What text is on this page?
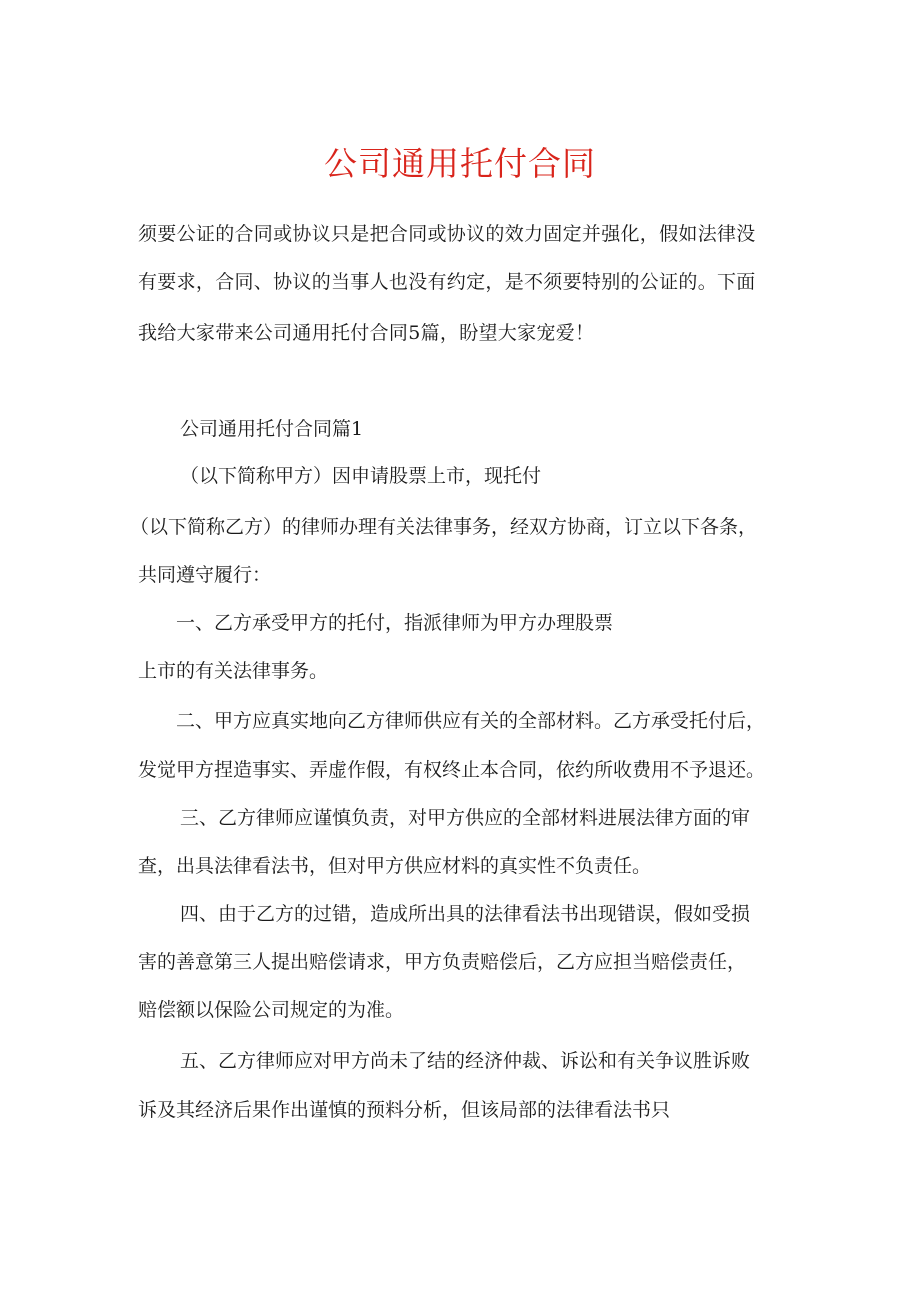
公司通用托付合同
须要公证的合同或协议只是把合同或协议的效力固定并强化，假如法律没
有要求，合同、协议的当事人也没有约定，是不须要特别的公证的。下面
我给大家带来公司通用托付合同5篇，盼望大家宠爱！
公司通用托付合同篇1
（以下简称甲方）因申请股票上市，现托付
（以下简称乙方）的律师办理有关法律事务，经双方协商，订立以下各条，
共同遵守履行：
一、乙方承受甲方的托付，指派律师为甲方办理股票
上市的有关法律事务。
二、甲方应真实地向乙方律师供应有关的全部材料。乙方承受托付后，
发觉甲方捏造事实、弄虚作假，有权终止本合同，依约所收费用不予退还。
三、乙方律师应谨慎负责，对甲方供应的全部材料进展法律方面的审
查，出具法律看法书，但对甲方供应材料的真实性不负责任。
四、由于乙方的过错，造成所出具的法律看法书出现错误，假如受损
害的善意第三人提出赔偿请求，甲方负责赔偿后，乙方应担当赔偿责任，
赔偿额以保险公司规定的为准。
五、乙方律师应对甲方尚未了结的经济仲裁、诉讼和有关争议胜诉败
诉及其经济后果作出谨慎的预料分析，但该局部的法律看法书只
